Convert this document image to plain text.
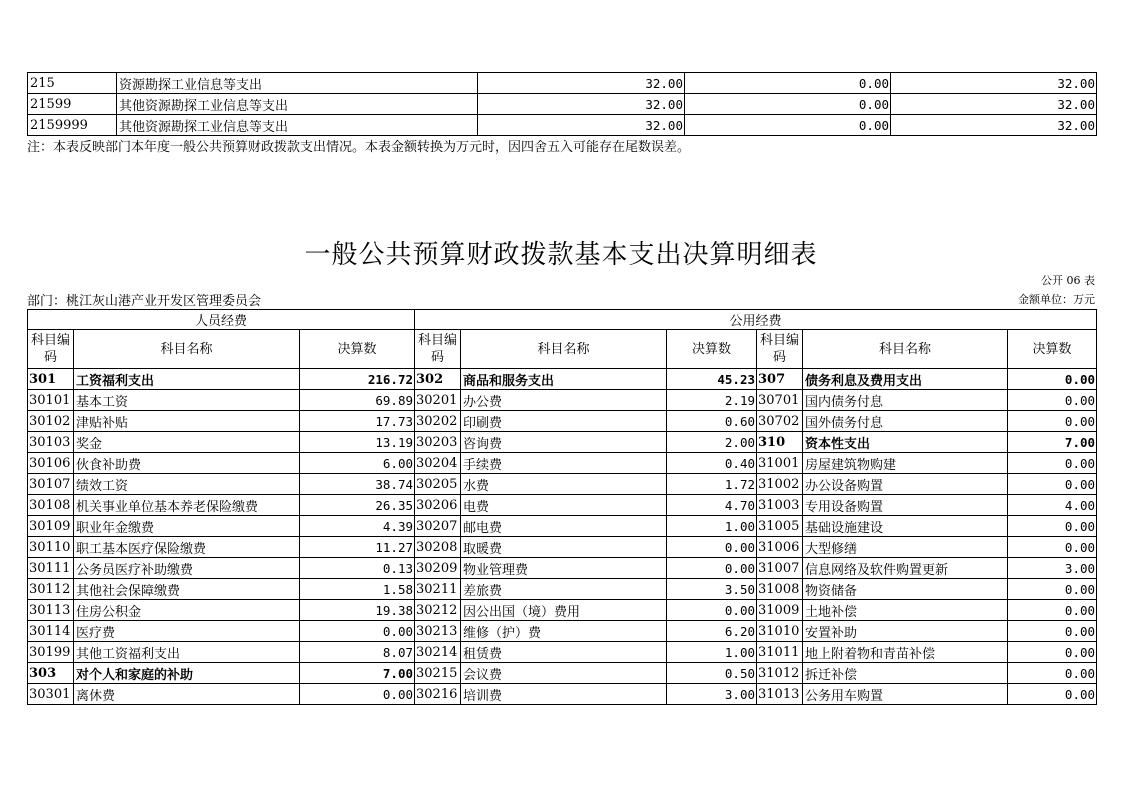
215	资源勘探工业信息等支出	32.00	0.00	32.00
21599	其他资源勘探工业信息等支出	32.00	0.00	32.00
2159999	其他资源勘探工业信息等支出	32.00	0.00	32.00
注：本表反映部门本年度一般公共预算财政拨款支出情况。本表金额转换为万元时，因四舍五入可能存在尾数误差。
一般公共预算财政拨款基本支出决算明细表
公开 06 表
部门：桃江灰山港产业开发区管理委员会	金额单位：万元
人员经费			公用经费					
科目编码	科目名称	决算数	科目编码	科目名称	决算数	科目编码	科目名称	决算数
301	工资福利支出	216.72	302	商品和服务支出	45.23	307	债务利息及费用支出	0.00
30101	基本工资	69.89	30201	办公费	2.19	30701	国内债务付息	0.00
30102	津贴补贴	17.73	30202	印刷费	0.60	30702	国外债务付息	0.00
30103	奖金	13.19	30203	咨询费	2.00	310	资本性支出	7.00
30106	伙食补助费	6.00	30204	手续费	0.40	31001	房屋建筑物购建	0.00
30107	绩效工资	38.74	30205	水费	1.72	31002	办公设备购置	0.00
30108	机关事业单位基本养老保险缴费	26.35	30206	电费	4.70	31003	专用设备购置	4.00
30109	职业年金缴费	4.39	30207	邮电费	1.00	31005	基础设施建设	0.00
30110	职工基本医疗保险缴费	11.27	30208	取暖费	0.00	31006	大型修缮	0.00
30111	公务员医疗补助缴费	0.13	30209	物业管理费	0.00	31007	信息网络及软件购置更新	3.00
30112	其他社会保障缴费	1.58	30211	差旅费	3.50	31008	物资储备	0.00
30113	住房公积金	19.38	30212	因公出国（境）费用	0.00	31009	土地补偿	0.00
30114	医疗费	0.00	30213	维修（护）费	6.20	31010	安置补助	0.00
30199	其他工资福利支出	8.07	30214	租赁费	1.00	31011	地上附着物和青苗补偿	0.00
303	对个人和家庭的补助	7.00	30215	会议费	0.50	31012	拆迁补偿	0.00
30301	离休费	0.00	30216	培训费	3.00	31013	公务用车购置	0.00
